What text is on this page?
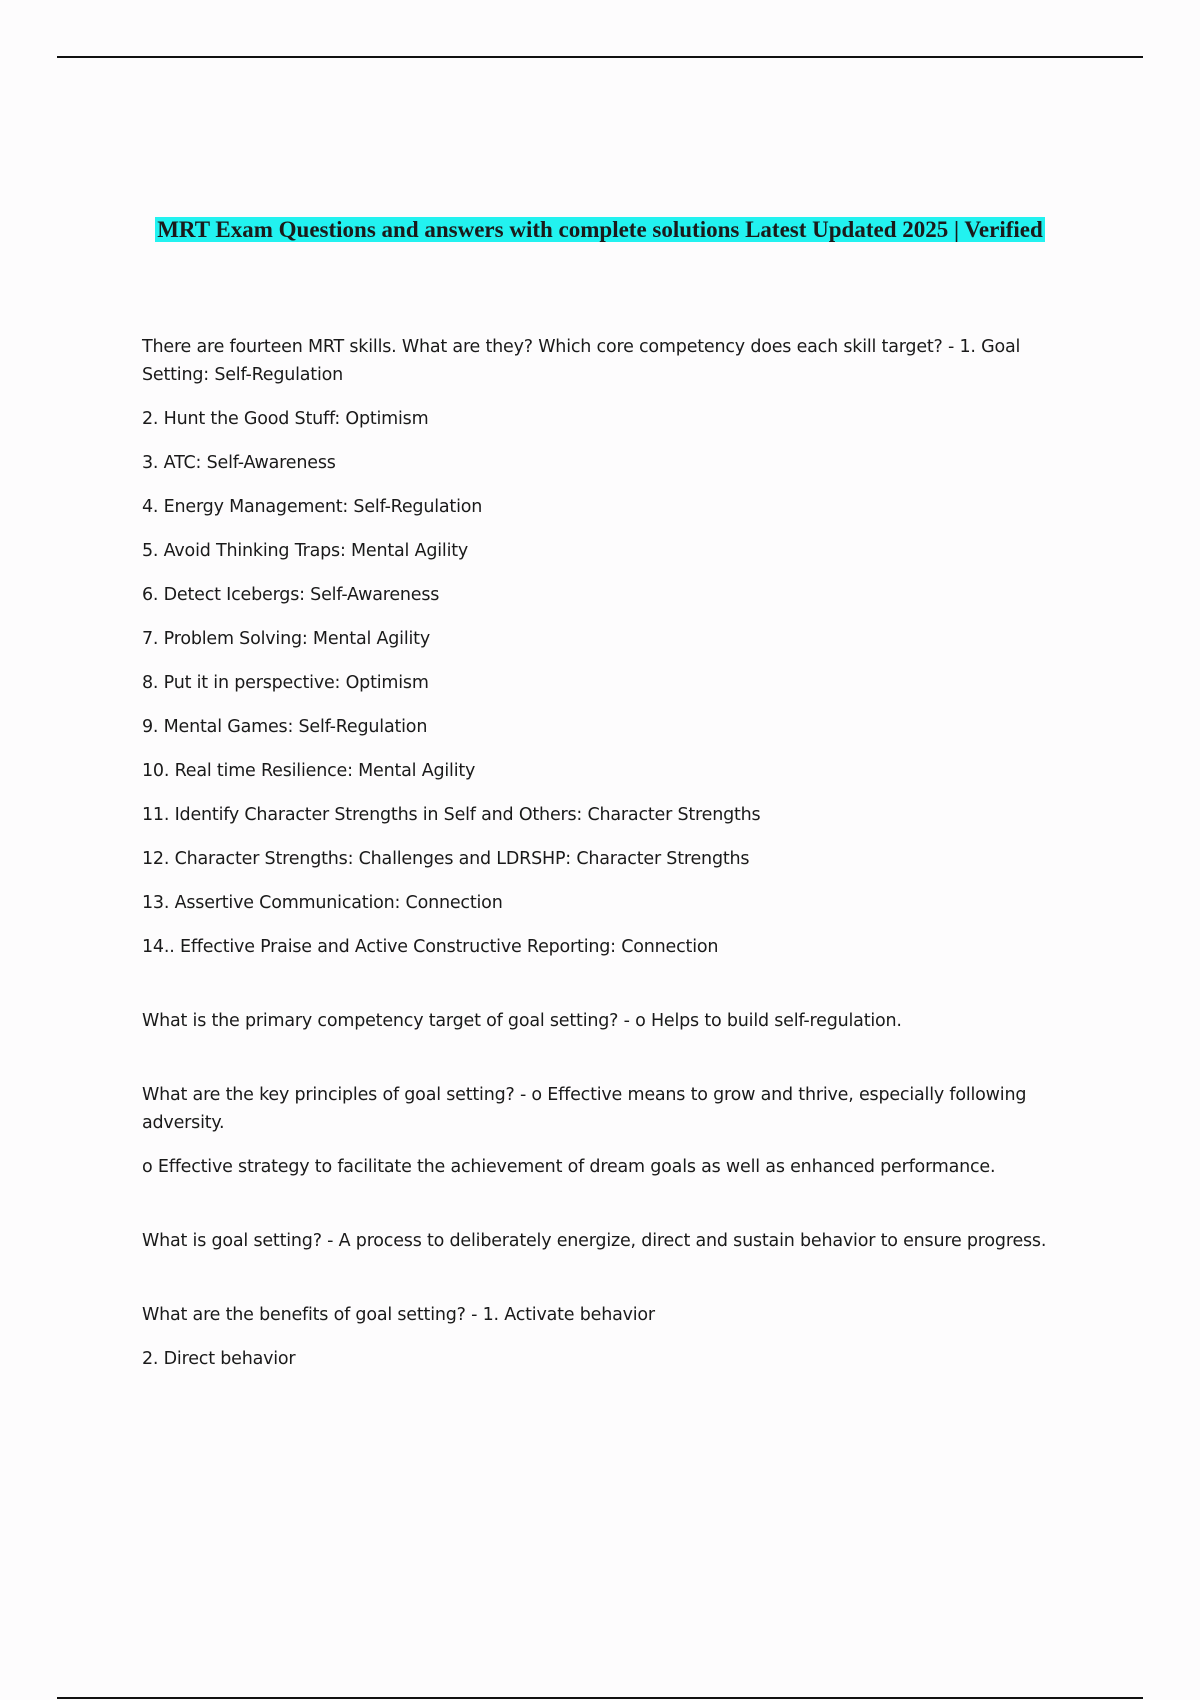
MRT Exam Questions and answers with complete solutions Latest Updated 2025 | Verified

There are fourteen MRT skills. What are they? Which core competency does each skill target? - 1. Goal Setting: Self-Regulation

2. Hunt the Good Stuff: Optimism

3. ATC: Self-Awareness

4. Energy Management: Self-Regulation

5. Avoid Thinking Traps: Mental Agility

6. Detect Icebergs: Self-Awareness

7. Problem Solving: Mental Agility

8. Put it in perspective: Optimism

9. Mental Games: Self-Regulation

10. Real time Resilience: Mental Agility

11. Identify Character Strengths in Self and Others: Character Strengths

12. Character Strengths: Challenges and LDRSHP: Character Strengths

13. Assertive Communication: Connection

14.. Effective Praise and Active Constructive Reporting: Connection

What is the primary competency target of goal setting? - o Helps to build self-regulation.

What are the key principles of goal setting? - o Effective means to grow and thrive, especially following adversity.

o Effective strategy to facilitate the achievement of dream goals as well as enhanced performance.

What is goal setting? - A process to deliberately energize, direct and sustain behavior to ensure progress.

What are the benefits of goal setting? - 1. Activate behavior

2. Direct behavior
